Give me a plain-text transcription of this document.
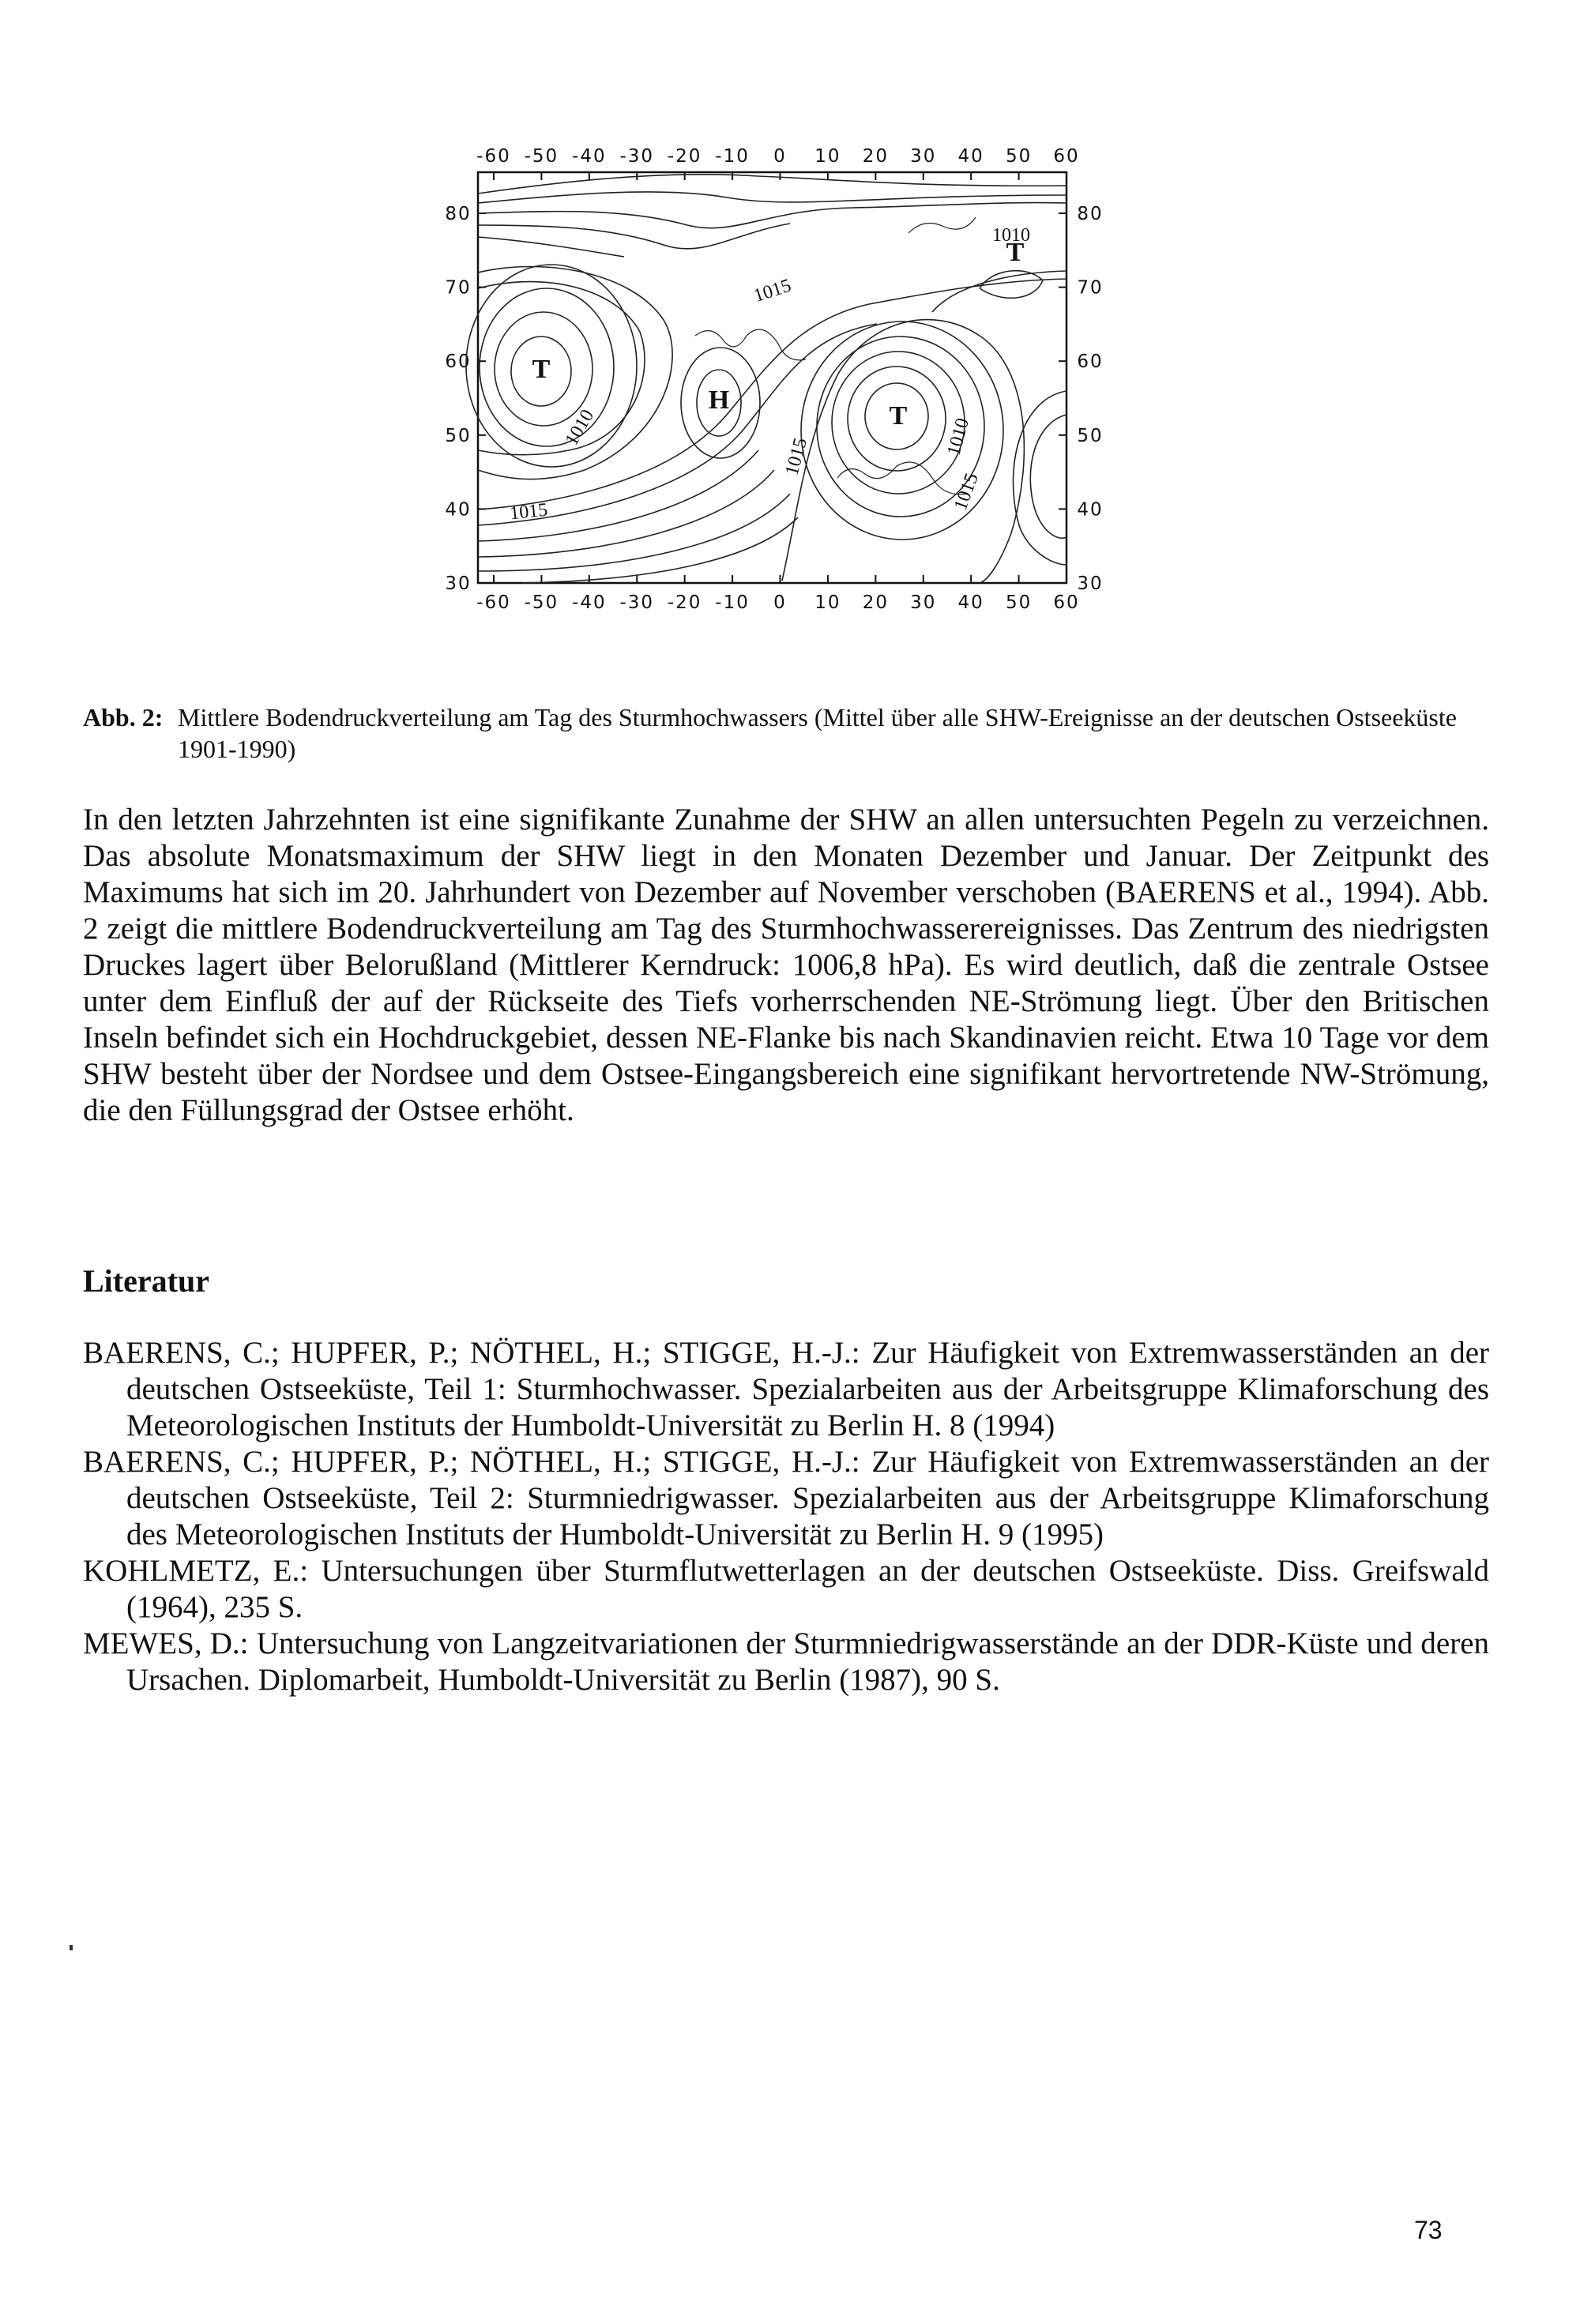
-60 -50 -40 -30 -20 -10 0 10 20 30 40 50 60
-60 -50 -40 -30 -20 -10 0 10 20 30 40 50 60
80
70
60
50
40
30
80
70
60
50
40
30
1010
1015
1010
1015
1015	1010
1015
T
H
T
T
Abb. 2: Mittlere Bodendruckverteilung am Tag des Sturmhochwassers (Mittel über alle SHW-Ereignisse an der deutschen Ostseeküste 1901-1990)

In den letzten Jahrzehnten ist eine signifikante Zunahme der SHW an allen untersuchten Pegeln zu verzeichnen. Das absolute Monatsmaximum der SHW liegt in den Monaten Dezember und Januar. Der Zeitpunkt des Maximums hat sich im 20. Jahrhundert von Dezember auf November verschoben (BAERENS et al., 1994). Abb. 2 zeigt die mittlere Bodendruckverteilung am Tag des Sturmhochwasserereignisses. Das Zentrum des niedrigsten Druckes lagert über Belorußland (Mittlerer Kerndruck: 1006,8 hPa). Es wird deutlich, daß die zentrale Ostsee unter dem Einfluß der auf der Rückseite des Tiefs vorherrschenden NE-Strömung liegt. Über den Britischen Inseln befindet sich ein Hochdruckgebiet, dessen NE-Flanke bis nach Skandinavien reicht. Etwa 10 Tage vor dem SHW besteht über der Nordsee und dem Ostsee-Eingangsbereich eine signifikant hervortretende NW-Strömung, die den Füllungsgrad der Ostsee erhöht.

Literatur
BAERENS, C.; HUPFER, P.; NÖTHEL, H.; STIGGE, H.-J.: Zur Häufigkeit von Extremwasserständen an der deutschen Ostseeküste, Teil 1: Sturmhochwasser. Spezialarbeiten aus der Arbeitsgruppe Klimaforschung des Meteorologischen Instituts der Humboldt-Universität zu Berlin H. 8 (1994)
BAERENS, C.; HUPFER, P.; NÖTHEL, H.; STIGGE, H.-J.: Zur Häufigkeit von Extremwasserständen an der deutschen Ostseeküste, Teil 2: Sturmniedrigwasser. Spezialarbeiten aus der Arbeitsgruppe Klimaforschung des Meteorologischen Instituts der Humboldt-Universität zu Berlin H. 9 (1995)
KOHLMETZ, E.: Untersuchungen über Sturmflutwetterlagen an der deutschen Ostseeküste. Diss. Greifswald (1964), 235 S.
MEWES, D.: Untersuchung von Langzeitvariationen der Sturmniedrigwasserstände an der DDR-Küste und deren Ursachen. Diplomarbeit, Humboldt-Universität zu Berlin (1987), 90 S.
73
